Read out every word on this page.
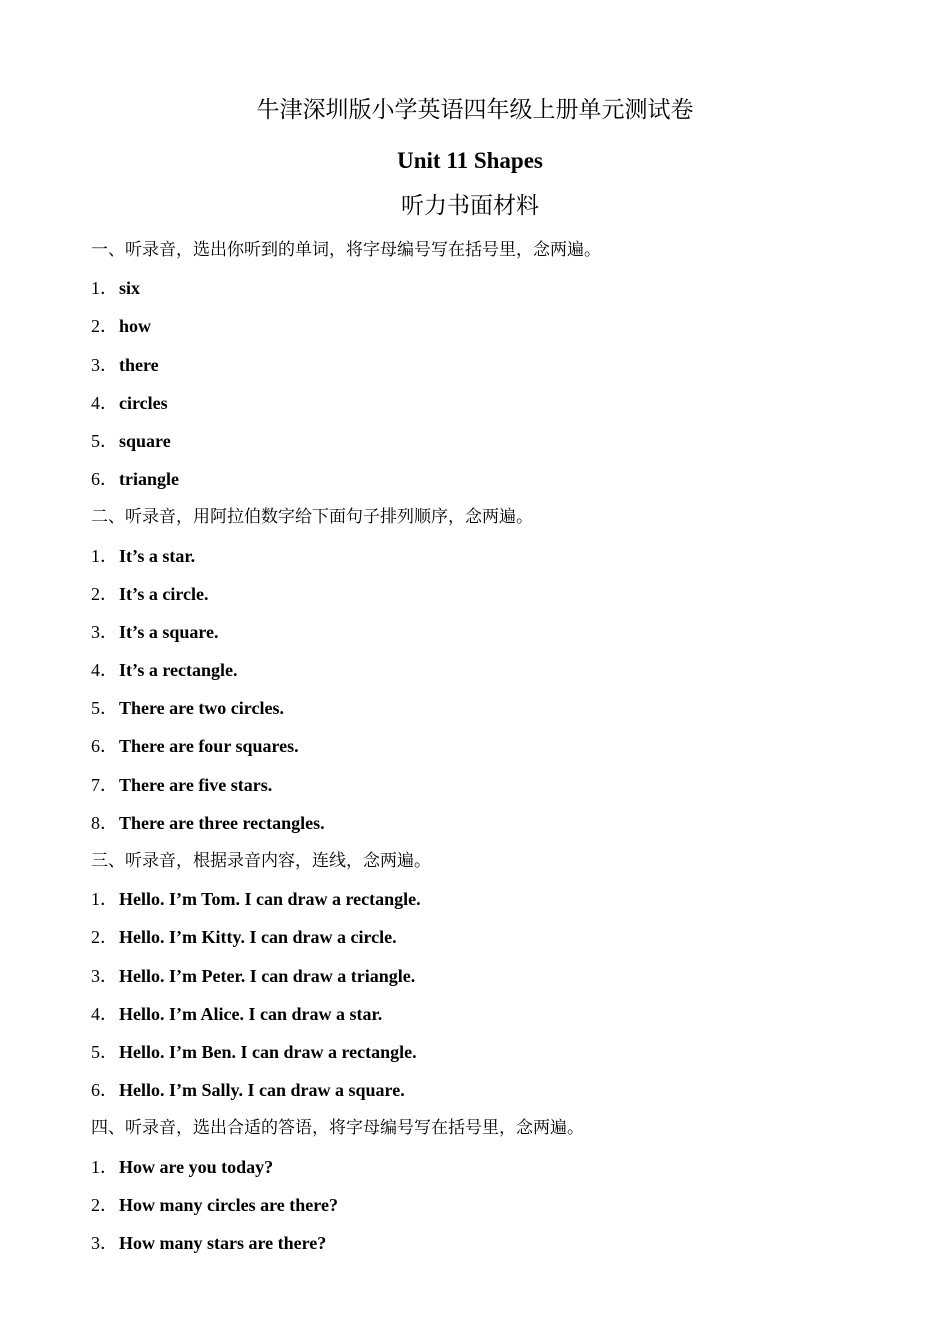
牛津深圳版小学英语四年级上册单元测试卷
Unit 11 Shapes
听力书面材料
一、听录音，选出你听到的单词，将字母编号写在括号里，念两遍。
1．six
2．how
3．there
4．circles
5．square
6．triangle
二、听录音，用阿拉伯数字给下面句子排列顺序，念两遍。
1．It’s a star.
2．It’s a circle.
3．It’s a square.
4．It’s a rectangle.
5．There are two circles.
6．There are four squares.
7．There are five stars.
8．There are three rectangles.
三、听录音，根据录音内容，连线，念两遍。
1．Hello. I’m Tom. I can draw a rectangle.
2．Hello. I’m Kitty. I can draw a circle.
3．Hello. I’m Peter. I can draw a triangle.
4．Hello. I’m Alice. I can draw a star.
5．Hello. I’m Ben. I can draw a rectangle.
6．Hello. I’m Sally. I can draw a square.
四、听录音，选出合适的答语，将字母编号写在括号里，念两遍。
1．How are you today?
2．How many circles are there?
3．How many stars are there?
